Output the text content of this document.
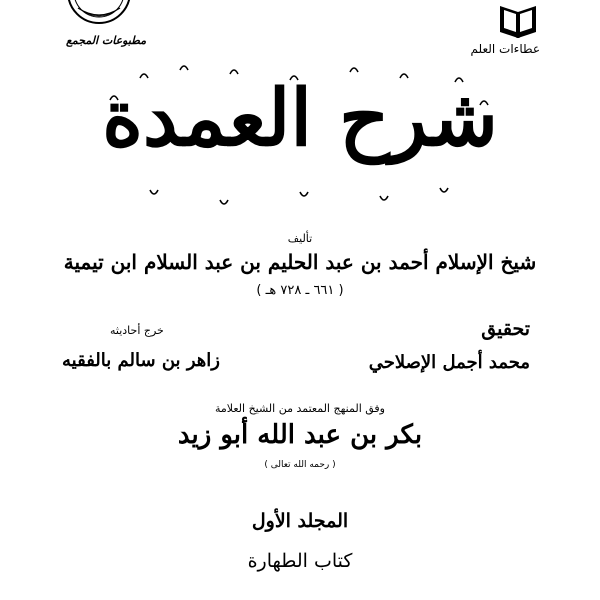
مطبوعات المجمع
عطاءات العلم
شرح العمدة
تأليف
شيخ الإسلام أحمد بن عبد الحليم بن عبد السلام ابن تيمية
( ٦٦١ ـ ٧٢٨ هـ )
تحقيق
محمد أجمل الإصلاحي
خرج أحاديثه
زاهر بن سالم بالفقيه
وفق المنهج المعتمد من الشيخ العلامة
بكر بن عبد الله أبو زيد
( رحمه الله تعالى )
المجلد الأول
كتاب الطهارة
